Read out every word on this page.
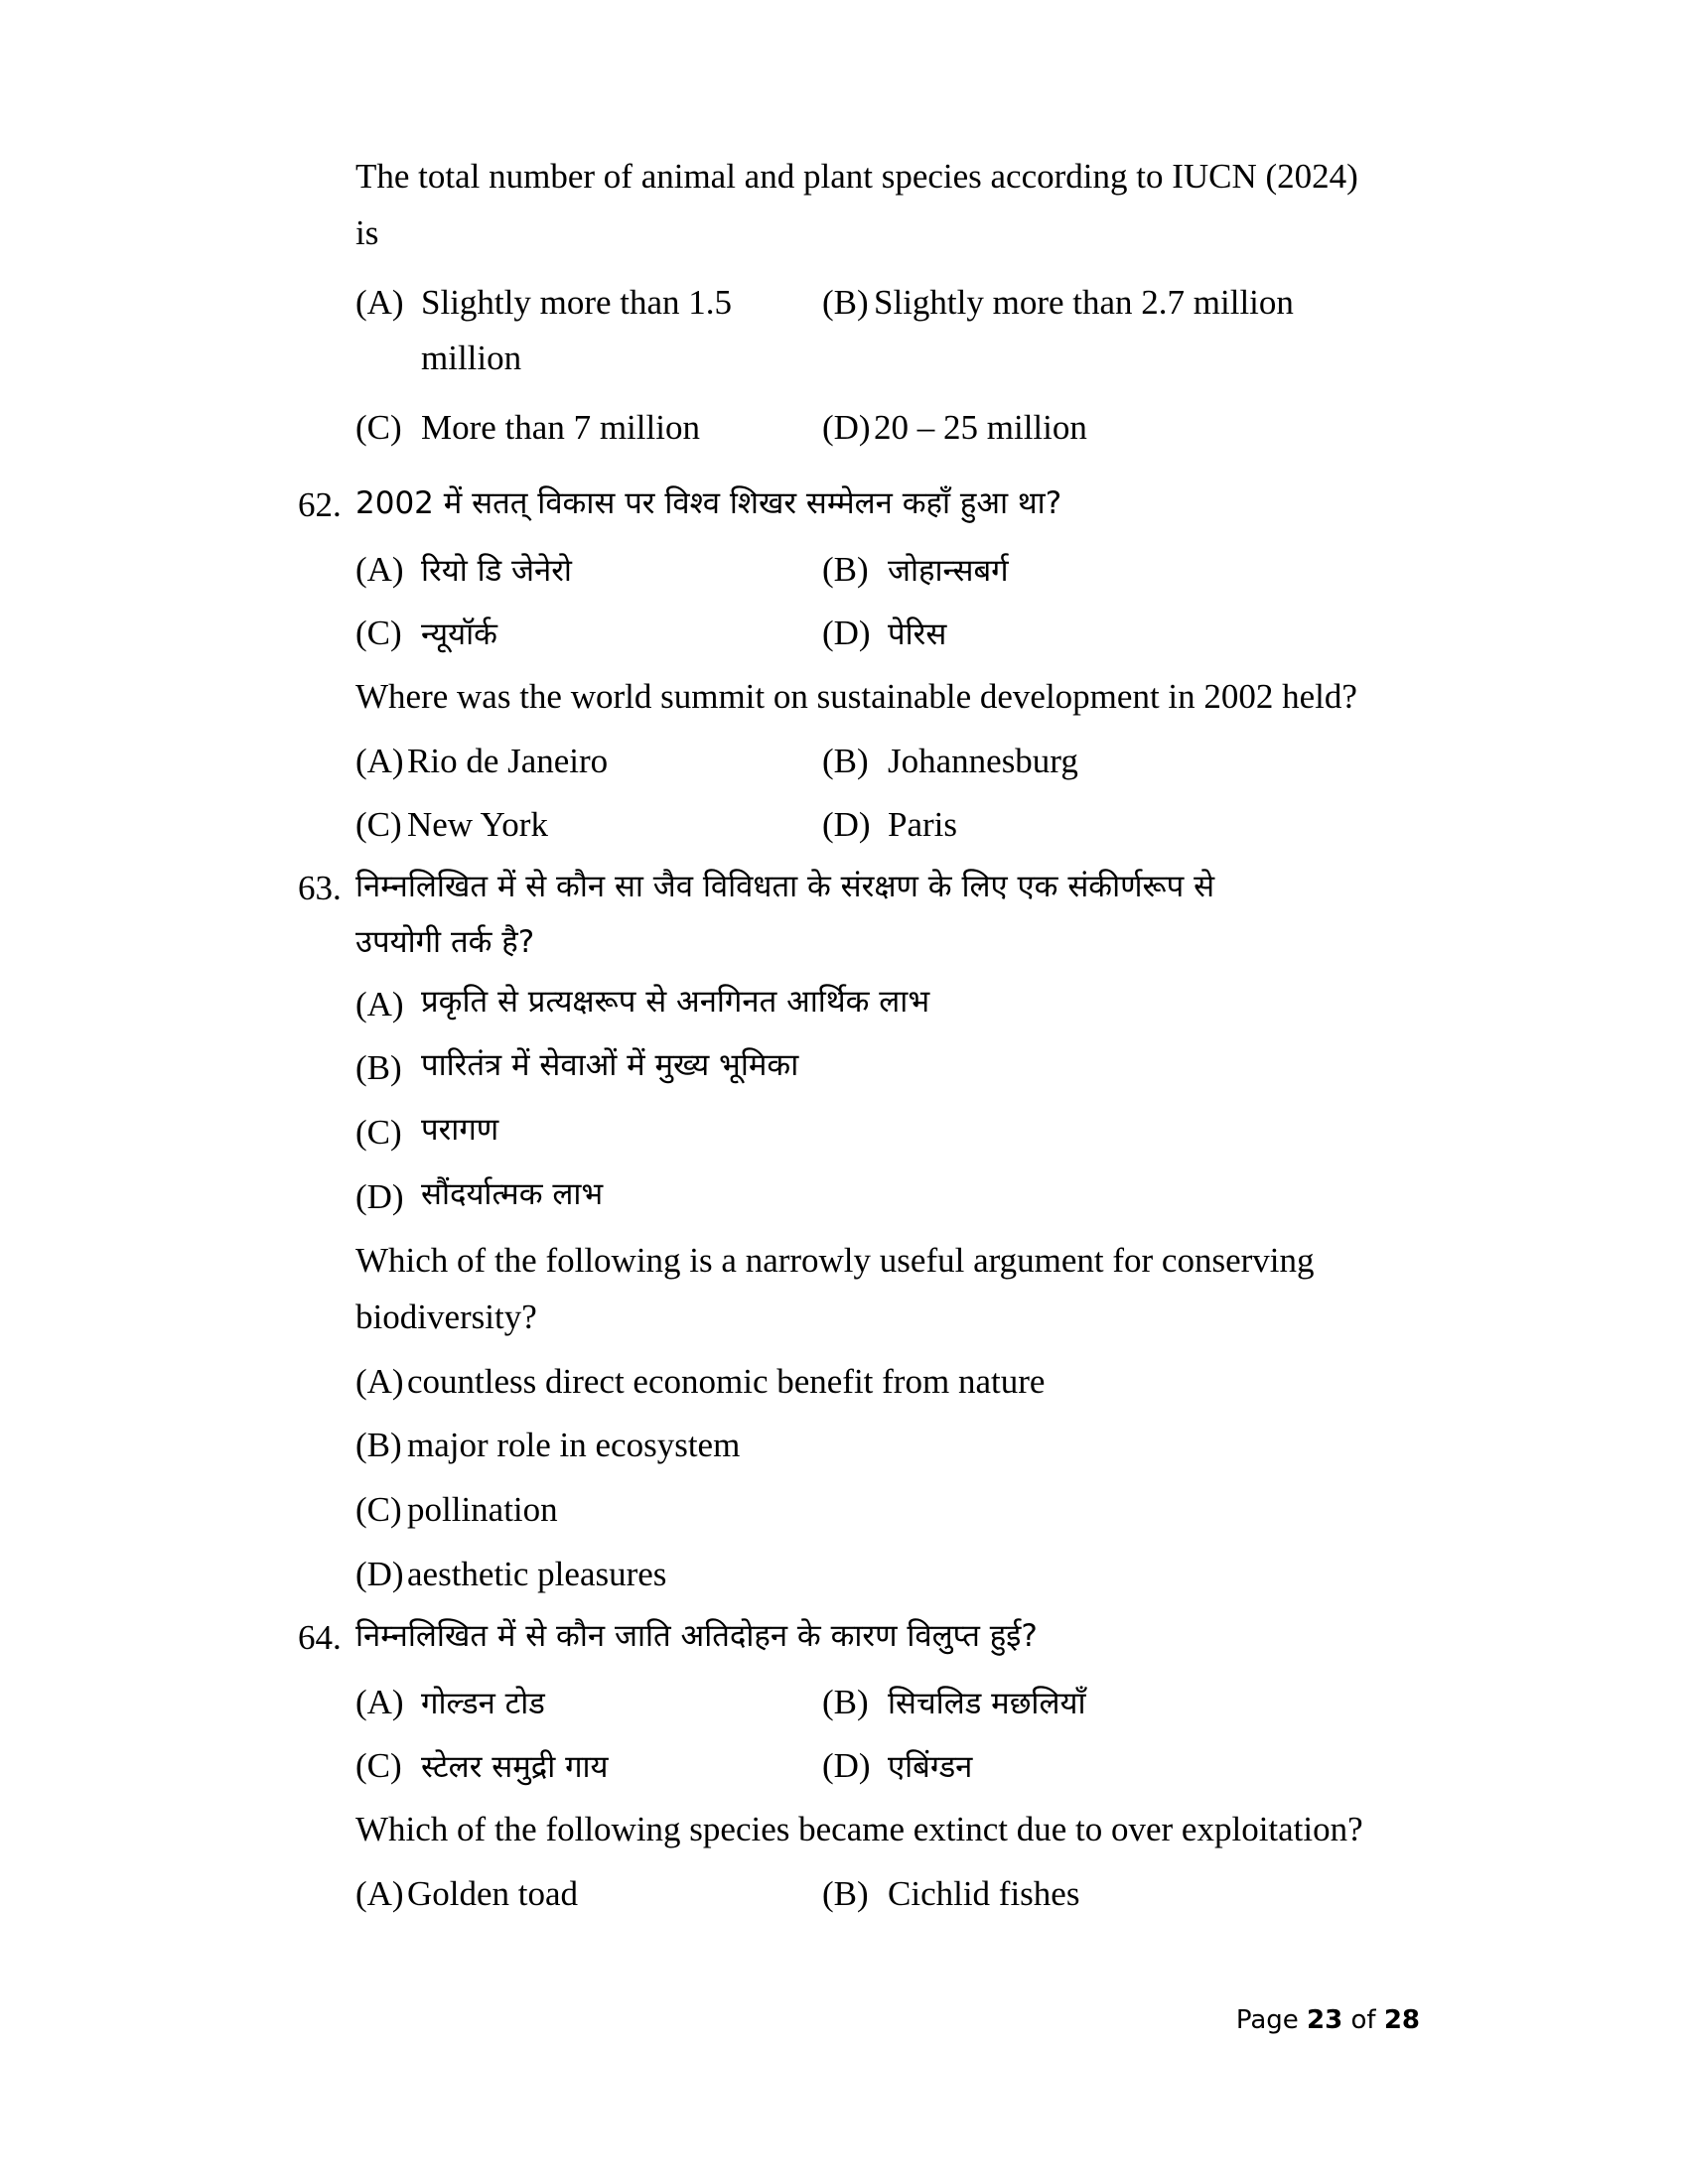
The total number of animal and plant species according to IUCN (2024)
is
(A) Slightly more than 1.5 million
(B) Slightly more than 2.7 million
(C) More than 7 million	(D) 20 – 25 million
62. 2002 में सतत् विकास पर विश्व शिखर सम्मेलन कहाँ हुआ था?
(A) रियो डि जेनेरो	(B) जोहान्सबर्ग
(C) न्यूयॉर्क	(D) पेरिस
Where was the world summit on sustainable development in 2002 held?
(A) Rio de Janeiro	(B) Johannesburg
(C) New York	(D) Paris
63. निम्नलिखित में से कौन सा जैव विविधता के संरक्षण के लिए एक संकीर्णरूप से
उपयोगी तर्क है?
(A) प्रकृति से प्रत्यक्षरूप से अनगिनत आर्थिक लाभ
(B) पारितंत्र में सेवाओं में मुख्य भूमिका
(C) परागण
(D) सौंदर्यात्मक लाभ
Which of the following is a narrowly useful argument for conserving
biodiversity?
(A) countless direct economic benefit from nature
(B) major role in ecosystem
(C) pollination
(D) aesthetic pleasures
64. निम्नलिखित में से कौन जाति अतिदोहन के कारण विलुप्त हुई?
(A) गोल्डन टोड	(B) सिचलिड मछलियाँ
(C) स्टेलर समुद्री गाय	(D) एबिंग्डन
Which of the following species became extinct due to over exploitation?
(A) Golden toad	(B) Cichlid fishes
Page 23 of 28
